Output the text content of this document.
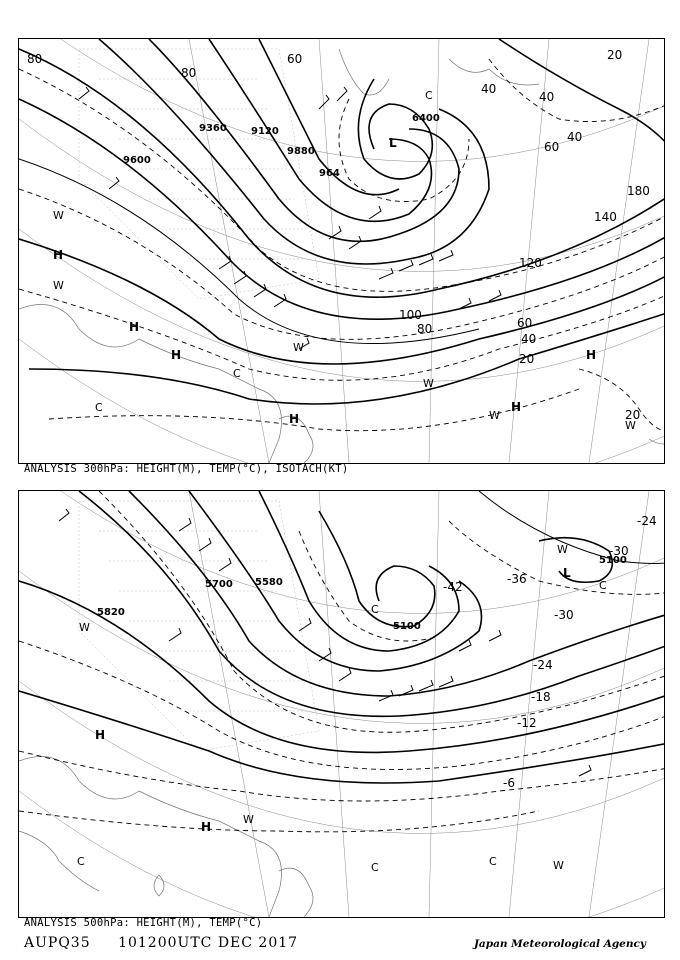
9360 9120
9600
9880
964
6400
80	60	20
40
40
60
40
80
100
120
140
180
80	60
40
20
20
H
H
H
H
H
H
L
C
C
C
W
W
W
W
W
W
ANALYSIS 300hPa: HEIGHT(M), TEMP(°C), ISOTACH(KT)
5700 5580
5100
5100
5820
-24
-30
-36
-42
-30
-24
-18
-12
-6
H
H
L
C
C	C	C
C
W
W
W
W
ANALYSIS 500hPa: HEIGHT(M), TEMP(°C)
AUPQ35 101200UTC DEC 2017	Japan Meteorological Agency
